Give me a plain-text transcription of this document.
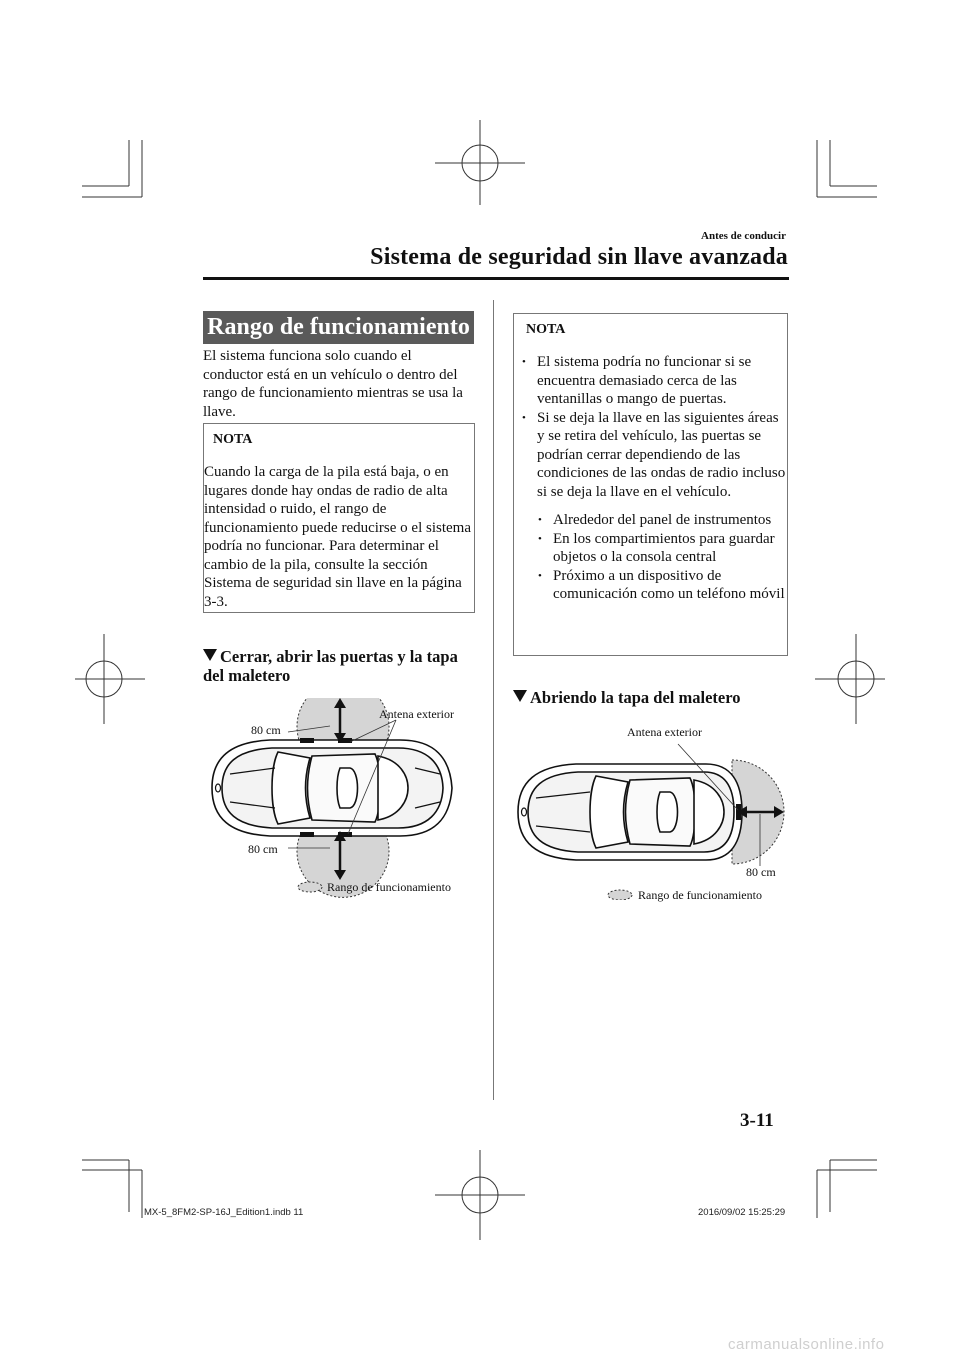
Antes de conducir
Sistema de seguridad sin llave avanzada
Rango de funcionamiento
El sistema funciona solo cuando el conductor está en un vehículo o dentro del rango de funcionamiento mientras se usa la llave.
NOTA
Cuando la carga de la pila está baja, o en lugares donde hay ondas de radio de alta intensidad o ruido, el rango de funcionamiento puede reducirse o el sistema podría no funcionar. Para determinar el cambio de la pila, consulte la sección Sistema de seguridad sin llave en la página 3-3.
Cerrar, abrir las puertas y la tapa del maletero
80 cm
Antena exterior
80 cm
Rango de funcionamiento
NOTA
• El sistema podría no funcionar si se encuentra demasiado cerca de las ventanillas o mango de puertas.
• Si se deja la llave en las siguientes áreas y se retira del vehículo, las puertas se podrían cerrar dependiendo de las condiciones de las ondas de radio incluso si se deja la llave en el vehículo.
• Alrededor del panel de instrumentos
• En los compartimientos para guardar objetos o la consola central
• Próximo a un dispositivo de comunicación como un teléfono móvil
Abriendo la tapa del maletero
Antena exterior
80 cm
Rango de funcionamiento
3-11
MX-5_8FM2-SP-16J_Edition1.indb 11	2016/09/02 15:25:29
carmanualsonline.info
